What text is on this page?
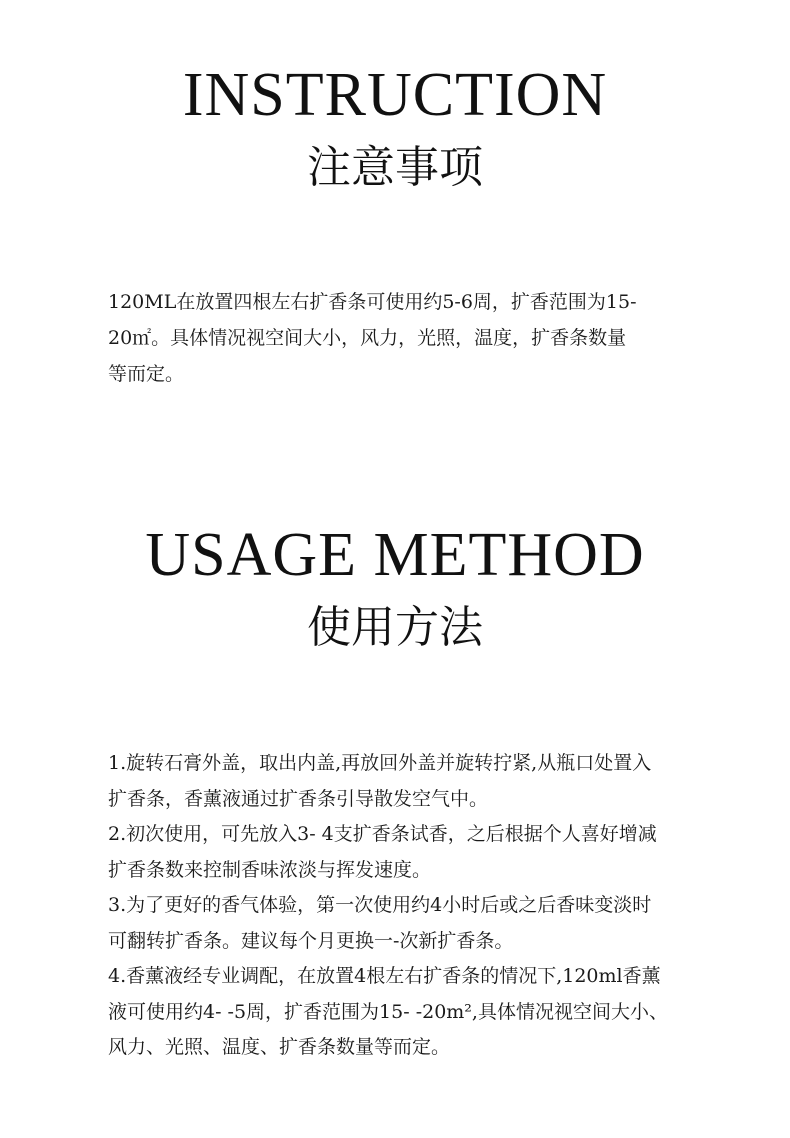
INSTRUCTION
注意事项
120ML在放置四根左右扩香条可使用约5-6周，扩香范围为15-
20㎡。具体情况视空间大小，风力，光照，温度，扩香条数量
等而定。
USAGE METHOD
使用方法
1.旋转石膏外盖，取出内盖,再放回外盖并旋转拧紧,从瓶口处置入
扩香条，香薰液通过扩香条引导散发空气中。
2.初次使用，可先放入3- 4支扩香条试香，之后根据个人喜好增减
扩香条数来控制香味浓淡与挥发速度。
3.为了更好的香气体验，第一次使用约4小时后或之后香味变淡时
可翻转扩香条。建议每个月更换一-次新扩香条。
4.香薰液经专业调配，在放置4根左右扩香条的情况下,120ml香薰
液可使用约4- -5周，扩香范围为15- -20m²,具体情况视空间大小、
风力、光照、温度、扩香条数量等而定。
